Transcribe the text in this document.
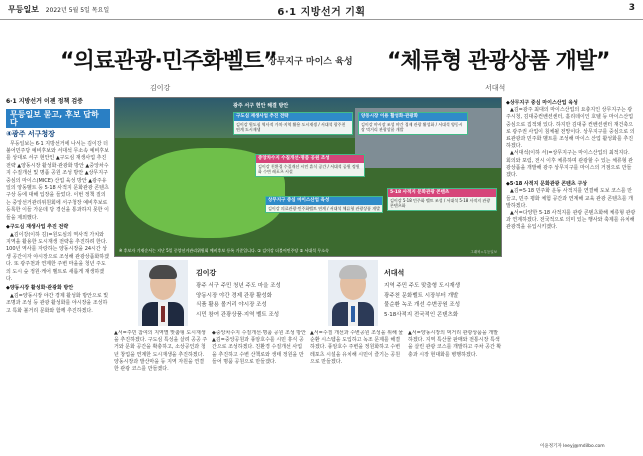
무등일보 2022년 5월 5일 목요일	6·1 지방선거 기획	3
“의료관광·민주화벨트”
상무지구 마이스 육성 “체류형 관광상품 개발”
김이강	서대석
6·1 지방선거 이젠 정책 검증
무등일보 묻고, 후보 답하다
④광주 서구청장

무등일보는 6·1 지방선거에 나서는 김이강 더불어민주당 예비후보와 서대석 무소속 예비후보를 상대로 서구 현안인 ▲구도심 재생사업 추진 전략 ▲양동시장 활성화·관광화 방안 ▲중앙차수지 수질개선 및 명품 공원 조성 방안 ▲상무지구 중심의 마이스(MICE) 산업 육성 방안 ▲광주유일의 양동벨트 등 5·18 사적지 문화관광 콘텐츠 구상 등에 대해 입장을 들었다. 이번 정책 질의는 중앙선거관리위원회에 서구청장 예비후보로 등록한 이들 가운데 당 경선을 통과하지 못한 이들을 제외했다.

◆구도심 재생사업 추진 전략

▲김이강(이하 김)=원도심의 역사적 가치와 지역을 활용한 도시재생 전략을 추진하려 한다. 100년 역사를 자랑하는 양동시장을 24시간 상생 공간이자 야시장으로 조성해 관광상품화하겠다. 또 광주천과 연계한 주변 마을을 청년 주도의 도시 숲 정원·케어 벨트로 새롭게 재생하겠다.

◆양동시장 활성화·관광화 방안

▲김=양동시장 야간 경제 활성화 방안으로 빛 조명과 조성 등 관광 활성화를 야시장을 조성하고 특화 볼거리 문화와 함께 추진하겠다.

광주 서구 현안 해결 방안
구도심 재생사업 추진 전략
김이강 원도심 역사적 가치·지역 활용 도시재생 / 서대석 광주천 연계 도시재생
양동시장 이용 활성화·관광화
김이강 야시장 조성 야간 경제 관광 활성화 / 서대석 양동시장 먹거리 관광상품 개발
중앙차수지 수질개선·명품 공원 조성
김이강 친환경 수질개선 시민 휴식 공간 / 서대석 공원 정원화 수변 레포츠 시설
상무지구 중심 마이스산업 육성
김이강 의료관광·민주화벨트 연계 / 서대석 체류형 관광상품 개발
5·18 사적지 문화관광 콘텐츠
김이강 5·18 민주화 벨트 조성 / 서대석 5·18 사적지 관광 콘텐츠화
※ 후보자 기재순서는 지난 5일 중앙선거관리위원회 예비후보 등록 기준입니다. ① 김이강 더불어민주당 ② 서대석 무소속	그래픽=무등일보

◆상무지구 중심 마이스산업 육성

▲김=광주 최대의 마이스산업의 요충지인 상무지구는 광주시청, 김대중컨벤션센터, 홀리데이인 호텔 등 마이스산업 중심으로 집적돼 있다. 하지만 김대중 컨벤션센터 재건축으로 광주권 사업이 침체될 전망이다. 상무지구를 중심으로 의료관광과 민주화 벨트를 조성해 마이스 산업 활성화를 추진하겠다.

▲서대석(이하 서)=상무지구는 마이스산업의 최적지다. 회의와 포럼, 전시 이후 체류하며 관광할 수 있는 체류형 관광상품을 개발해 광주 상무지구를 마이스의 거점으로 만들겠다.

◆5·18 사적지 문화관광 콘텐츠 구상

▲김=5·18 민주화 운동 사적지를 연결해 도보 코스를 만들고, 민주 평화 체험 공간과 연계해 교육 관광 콘텐츠를 개발하겠다.

▲서=다양한 5·18 사적지를 관광 콘텐츠화해 체류형 관광과 연계하겠다. 전국적으로 의미 있는 행사와 축제를 유치해 관광객을 유입시키겠다.

김이강
광주 서구 주민 청년 주도 마을 조성
양동시장 야간 경제 관광 활성화
식품 활용 볼거리 야시장 조성
시민 참여 관광상품·지역 벨트 조성
서대석
지역 주민 주도 맞춤형 도시재생
광주천 문화벨트 시장부터 개발
물순환 녹조 개선 수변공원 조성
5·18사적지 전국적인 콘텐츠화
▲서=주민 참여의 지역별 맞춤형 도시재생을 추진하겠다. 구도심 특성을 살려 공공 주거와 문화 공간을 확충하고, 소상공인과 청년 창업을 연계한 도시재생을 추진하겠다. 양동시장과 발산마을 등 지역 자원을 연결한 관광 코스를 만들겠다.
◆중앙차수지 수질개선·명품 공원 조성 방안 ▲김=중앙공원과 풍암호수를 시민 휴식 공간으로 조성하겠다. 친환경 수질개선 사업을 추진하고 수변 산책로와 생태 정원을 만들어 명품 공원으로 만들겠다.
▲서=수질 개선과 수변공원 조성을 위해 물순환 시스템을 도입하고 녹조 문제를 해결하겠다. 풍암호수 주변을 정원화하고 수변 레포츠 시설을 유치해 시민이 즐기는 공원으로 만들겠다.
▲서=양동시장의 먹거리 관광상품을 개발하겠다. 지역 특산물 판매와 전통시장 특색을 살린 관광 코스를 개발하고 주차 공간 확충과 시장 현대화를 병행하겠다.
이윤정기자 leeyj@mdilbo.com
